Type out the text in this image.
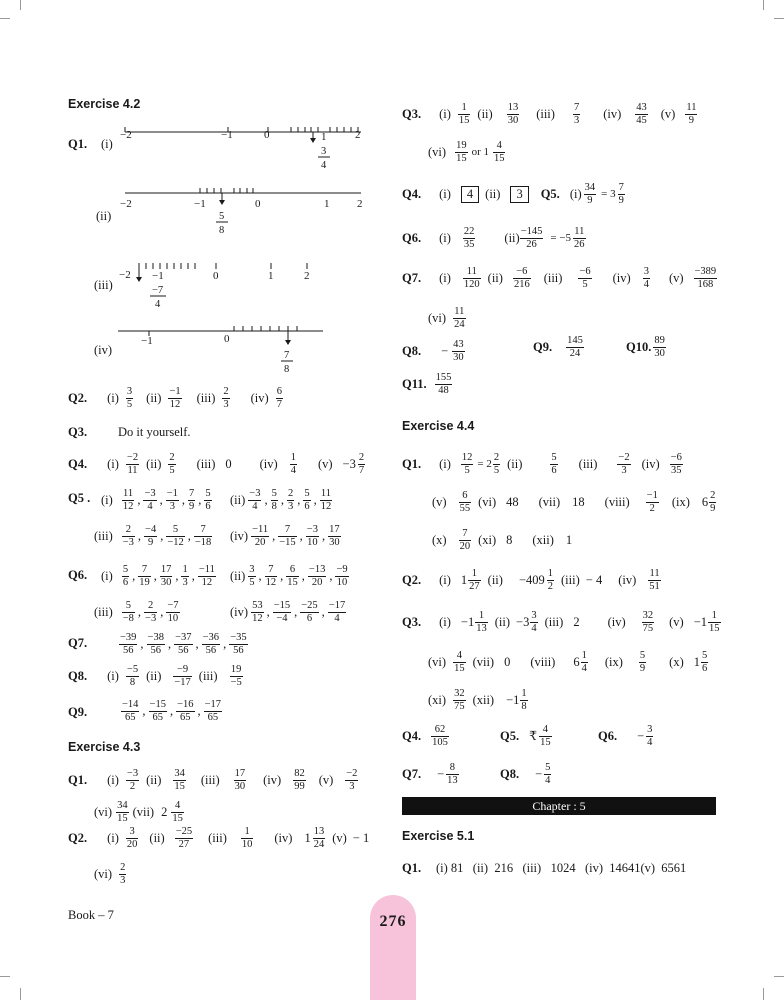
Exercise 4.2
Q1. (i)
−2	−1	0	1	2
3
4
(ii)
−2	−1	0	1	2
5
8
(iii)
−2 −1	0	1	2
−7
4
(iv)
−1	0
7
8
Q2. (i) 3
5 (ii) −1
12 (iii) 2
3 (iv) 6
7
Q3. Do it yourself.
Q4. (i) −2
11 (ii) 2
5 (iii) 0 (iv) 1
4 (v) −3 2
7
Q5 . (i) 11
12 , −3
4 , −1
3 , 7
9 , 5
6 (ii) −3
4 , 5
8 , 2
3 , 5
6 , 11
12
(iii)	2
−3 , −4
9 , 5
−12 , 7
−18 (iv) −11
20 , 7
−15 , −3
10 , 17
30
Q6. (i) 5
6 , 7
19 , 17
30 , 1
3 , −11
12	(ii) 3
5 , 7
12 , 6
15 , −13
20 , −9
10
(iii)	5
−8 , 2
−3 , −7
10	(iv) 53
12 , −15
−4 , −25
6 , −17
4
Q7.	−39
56 , −38
56 , −37
56 , −36
56 , −35
56
Q8. (i) −5
8 (ii)	−9
−17 (iii) 19
−5
Q9.
−14
65 , −15
65 , −16
65 , −17
65
Exercise 4.3
Q1. (i) −3
2 (ii) 34
15 (iii) 17
30 (iv) 82
99 (v) −2
3
(vi) 34
15 (vii) 2 4
15
Q2. (i)	3
20 (ii) −25
27	(iii)	1
10 (iv) 1 13
24 (v) − 1
(vi) 2
3
Book – 7
Q3. (i)	1
15 (ii) 13
30 (iii) 7
3 (iv) 43
45 (v) 11
9
(vi) 19
15
or 1
4
15
Q4. (i)	4 (ii)	3	Q5. $(i) \frac{34}{9} = 3$
7
9
Q6. (i) 22
35 $(ii) \frac{-145}{26} = -5$
11
26
Q7. (i)	11
120 (ii)	−6
216 (iii) −6
5	(iv) 3
4 (v) −389
168
(vi) 11
24
Q8. − $\frac{43}{30}$	Q9. 145
24	Q10. 89
30
Q11. 155
48
Exercise 4.4
Q1. $(i) \frac{12}{5} = 2$
2
5 (ii)	5
6 (iii) −2
3	(iv) −6
35
(v)	6
55 (vi) 48 (vii) 18 (viii) −1
2	(ix) 6 2
9
(x)	7
20 (xi) 8 (xii) 1
Q2. (i) 1 1
27 (ii) −409 1
2 (iii) − 4 (iv) 11
51
Q3. (i) −1 1
13 (ii) −3 3
4 (iii) 2 (iv) 32
75 (v) −1 1
15
(vi)	4
15 (vii) 0 (viii) 6 1
4 (ix) 5
9 (x) 1 5
6
(xi) 32
75 (xii) −1 1
8
Q4.	62
105	Q5. ₹ 4
15	Q6. − $\frac{3}{4}$
Q7. − $\frac{8}{13}$	Q8. − $\frac{5}{4}$
Chapter : 5
Exercise 5.1
Q1. (i) 81   (ii)  216   (iii)   1024   (iv)  14641(v)  6561
276
